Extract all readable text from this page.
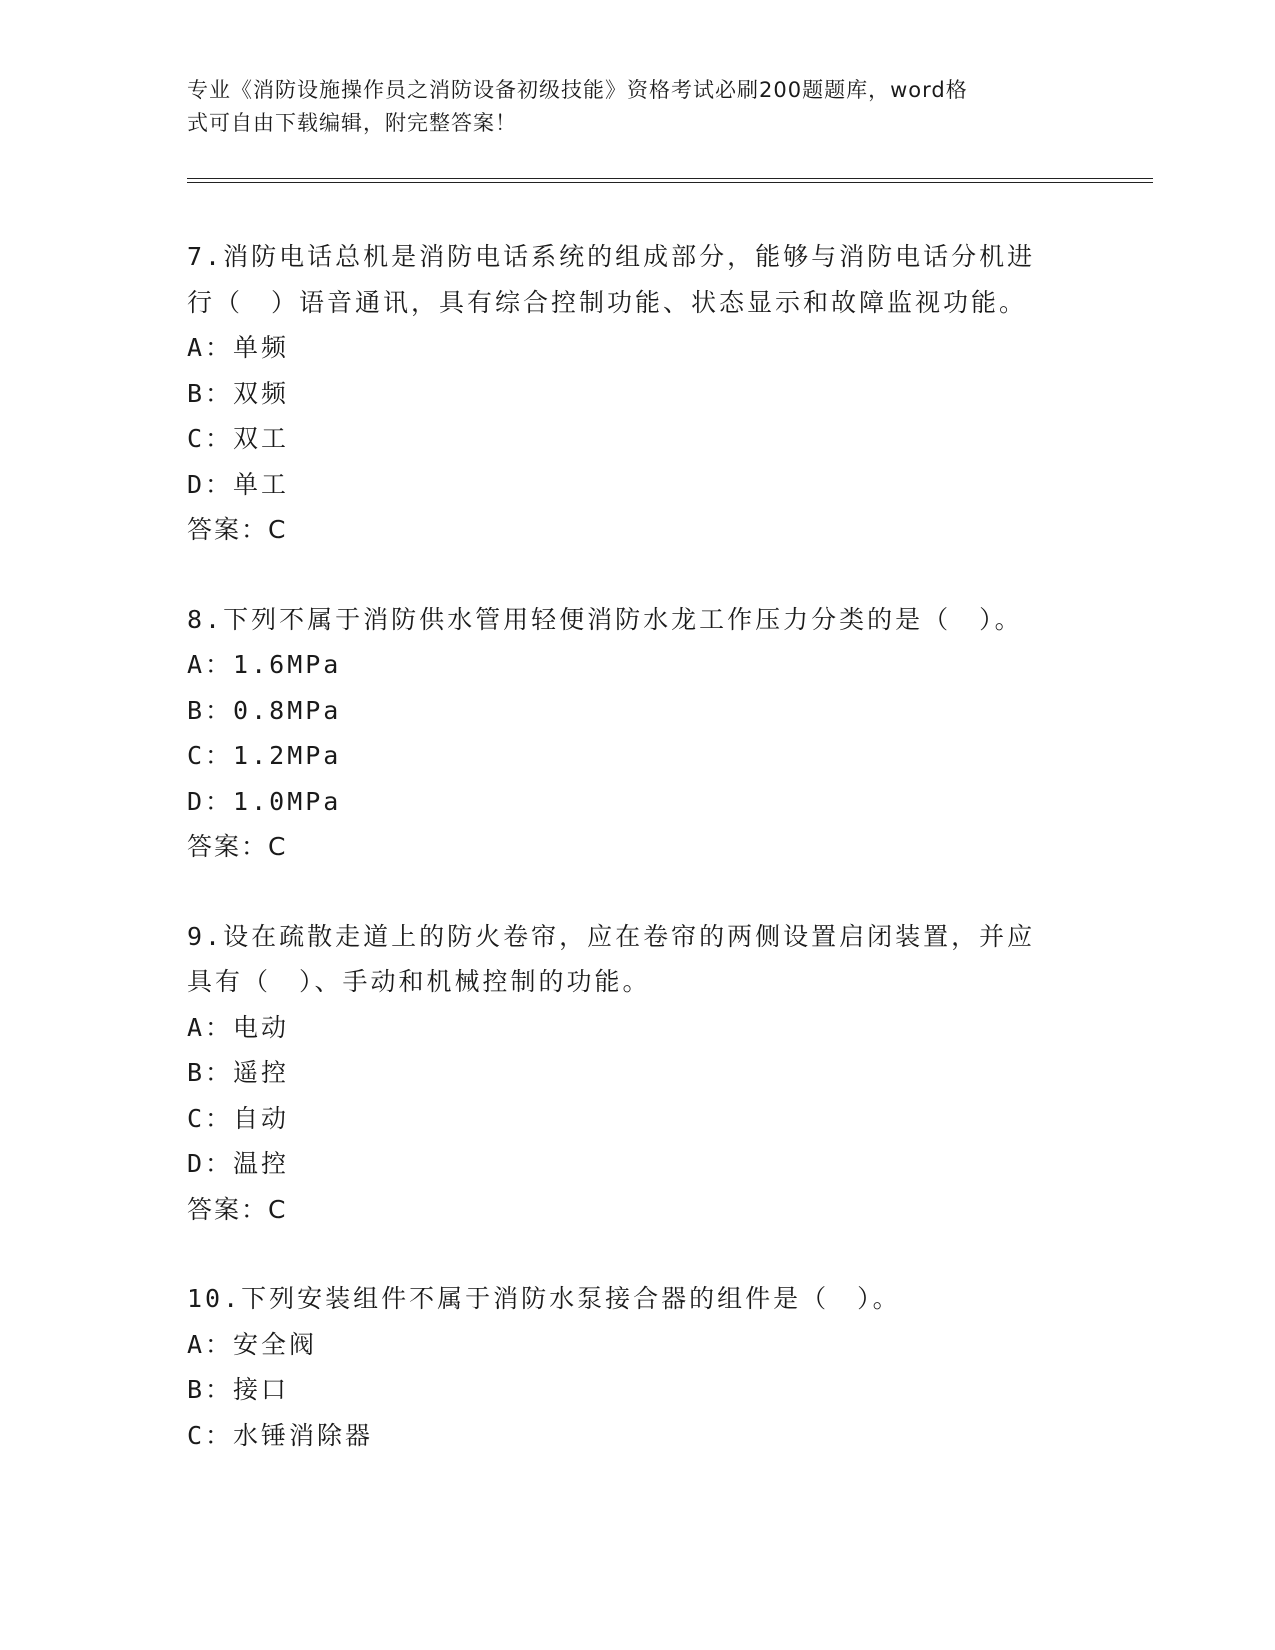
专业《消防设施操作员之消防设备初级技能》资格考试必刷200题题库，word格
式可自由下载编辑，附完整答案！

7.消防电话总机是消防电话系统的组成部分，能够与消防电话分机进

行（　）语音通讯，具有综合控制功能、状态显示和故障监视功能。

A：单频

B：双频

C：双工

D：单工

答案：C

8.下列不属于消防供水管用轻便消防水龙工作压力分类的是（　）。

A：1.6MPa

B：0.8MPa

C：1.2MPa

D：1.0MPa

答案：C

9.设在疏散走道上的防火卷帘，应在卷帘的两侧设置启闭装置，并应

具有（　）、手动和机械控制的功能。

A：电动

B：遥控

C：自动

D：温控

答案：C

10.下列安装组件不属于消防水泵接合器的组件是（　）。

A：安全阀

B：接口

C：水锤消除器
